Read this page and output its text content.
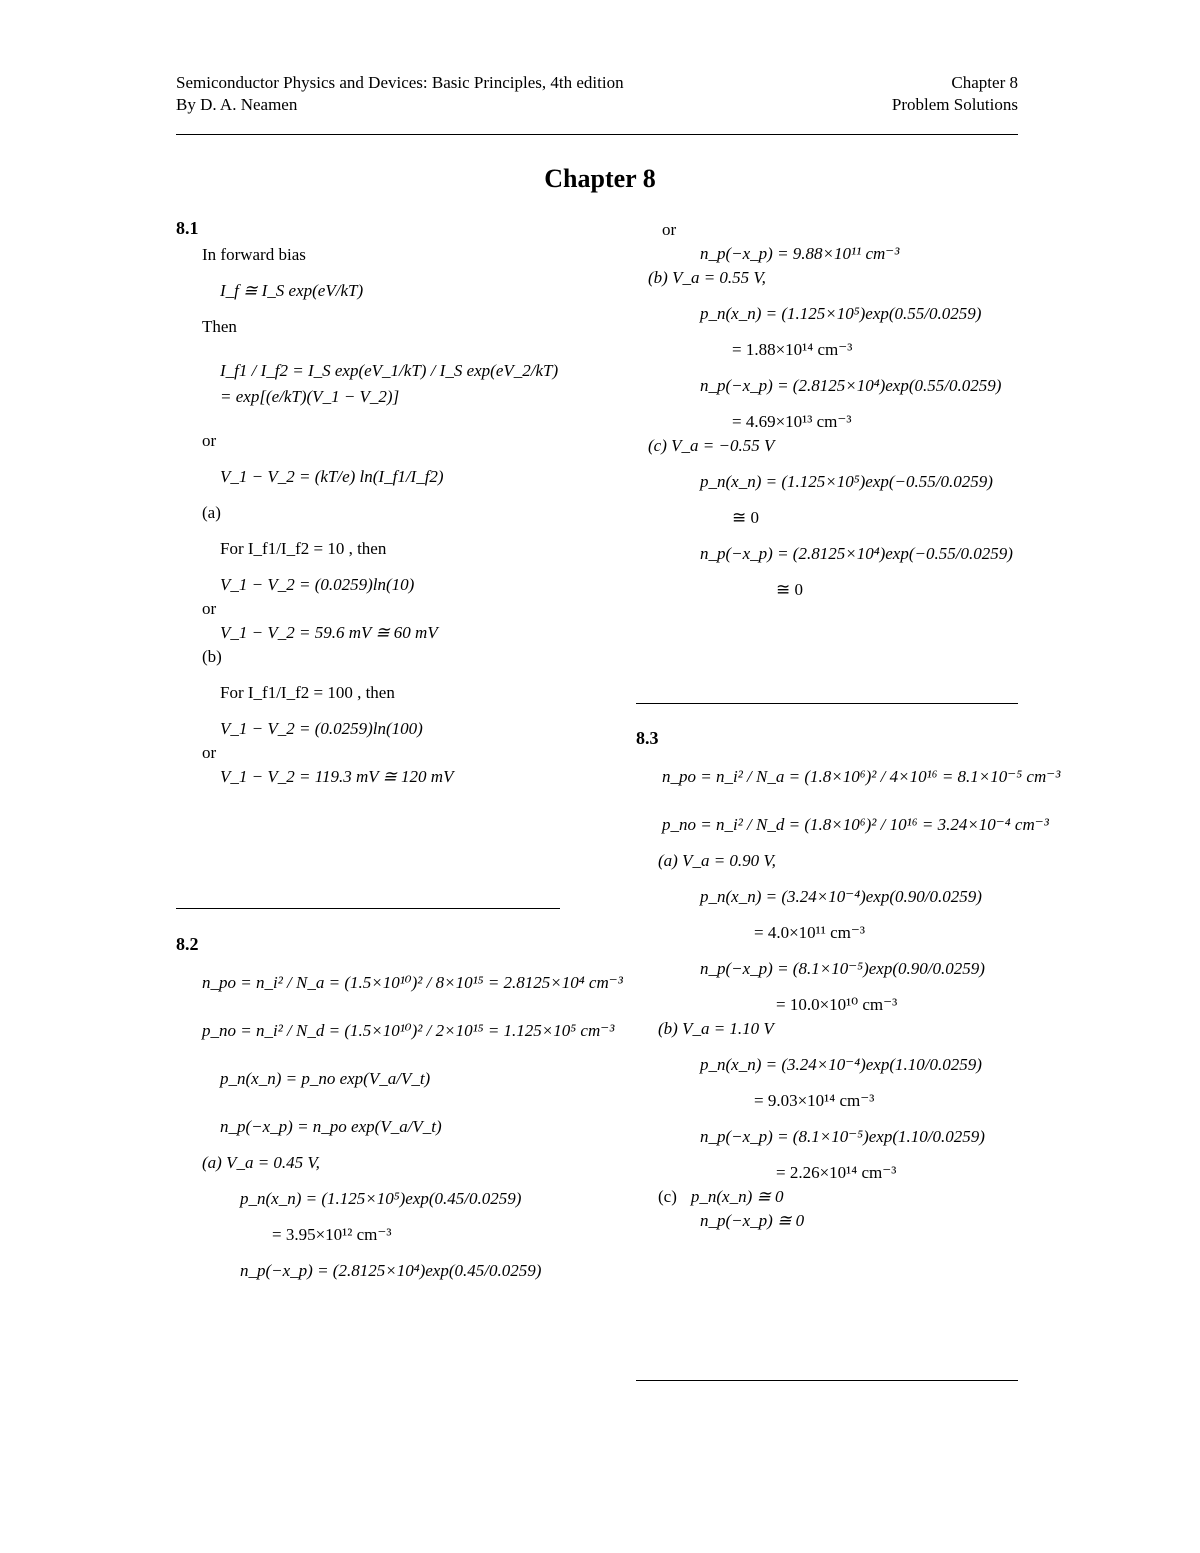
Semiconductor Physics and Devices: Basic Principles, 4th edition
By D. A. Neamen
Chapter 8
Problem Solutions
Chapter 8
8.1
In forward bias
I_f ≅ I_S exp(eV/kT)
Then
I_f1 / I_f2 = I_S exp(eV_1/kT) / I_S exp(eV_2/kT) = exp[(e/kT)(V_1 − V_2)]
or
V_1 − V_2 = (kT/e) ln(I_f1/I_f2)
(a)
For I_f1/I_f2 = 10 , then
V_1 − V_2 = (0.0259)ln(10)
or
V_1 − V_2 = 59.6 mV ≅ 60 mV
(b)
For I_f1/I_f2 = 100 , then
V_1 − V_2 = (0.0259)ln(100)
or
V_1 − V_2 = 119.3 mV ≅ 120 mV
8.2
n_po = n_i² / N_a = (1.5×10¹⁰)² / 8×10¹⁵ = 2.8125×10⁴ cm⁻³
p_no = n_i² / N_d = (1.5×10¹⁰)² / 2×10¹⁵ = 1.125×10⁵ cm⁻³
p_n(x_n) = p_no exp(V_a/V_t)
n_p(−x_p) = n_po exp(V_a/V_t)
(a) V_a = 0.45 V,
p_n(x_n) = (1.125×10⁵)exp(0.45/0.0259)
= 3.95×10¹² cm⁻³
n_p(−x_p) = (2.8125×10⁴)exp(0.45/0.0259)
or
n_p(−x_p) = 9.88×10¹¹ cm⁻³
(b) V_a = 0.55 V,
p_n(x_n) = (1.125×10⁵)exp(0.55/0.0259)
= 1.88×10¹⁴ cm⁻³
n_p(−x_p) = (2.8125×10⁴)exp(0.55/0.0259)
= 4.69×10¹³ cm⁻³
(c) V_a = −0.55 V
p_n(x_n) = (1.125×10⁵)exp(−0.55/0.0259)
≅ 0
n_p(−x_p) = (2.8125×10⁴)exp(−0.55/0.0259)
≅ 0
8.3
n_po = n_i² / N_a = (1.8×10⁶)² / 4×10¹⁶ = 8.1×10⁻⁵ cm⁻³
p_no = n_i² / N_d = (1.8×10⁶)² / 10¹⁶ = 3.24×10⁻⁴ cm⁻³
(a) V_a = 0.90 V,
p_n(x_n) = (3.24×10⁻⁴)exp(0.90/0.0259)
= 4.0×10¹¹ cm⁻³
n_p(−x_p) = (8.1×10⁻⁵)exp(0.90/0.0259)
= 10.0×10¹⁰ cm⁻³
(b) V_a = 1.10 V
p_n(x_n) = (3.24×10⁻⁴)exp(1.10/0.0259)
= 9.03×10¹⁴ cm⁻³
n_p(−x_p) = (8.1×10⁻⁵)exp(1.10/0.0259)
= 2.26×10¹⁴ cm⁻³
(c) p_n(x_n) ≅ 0
n_p(−x_p) ≅ 0
